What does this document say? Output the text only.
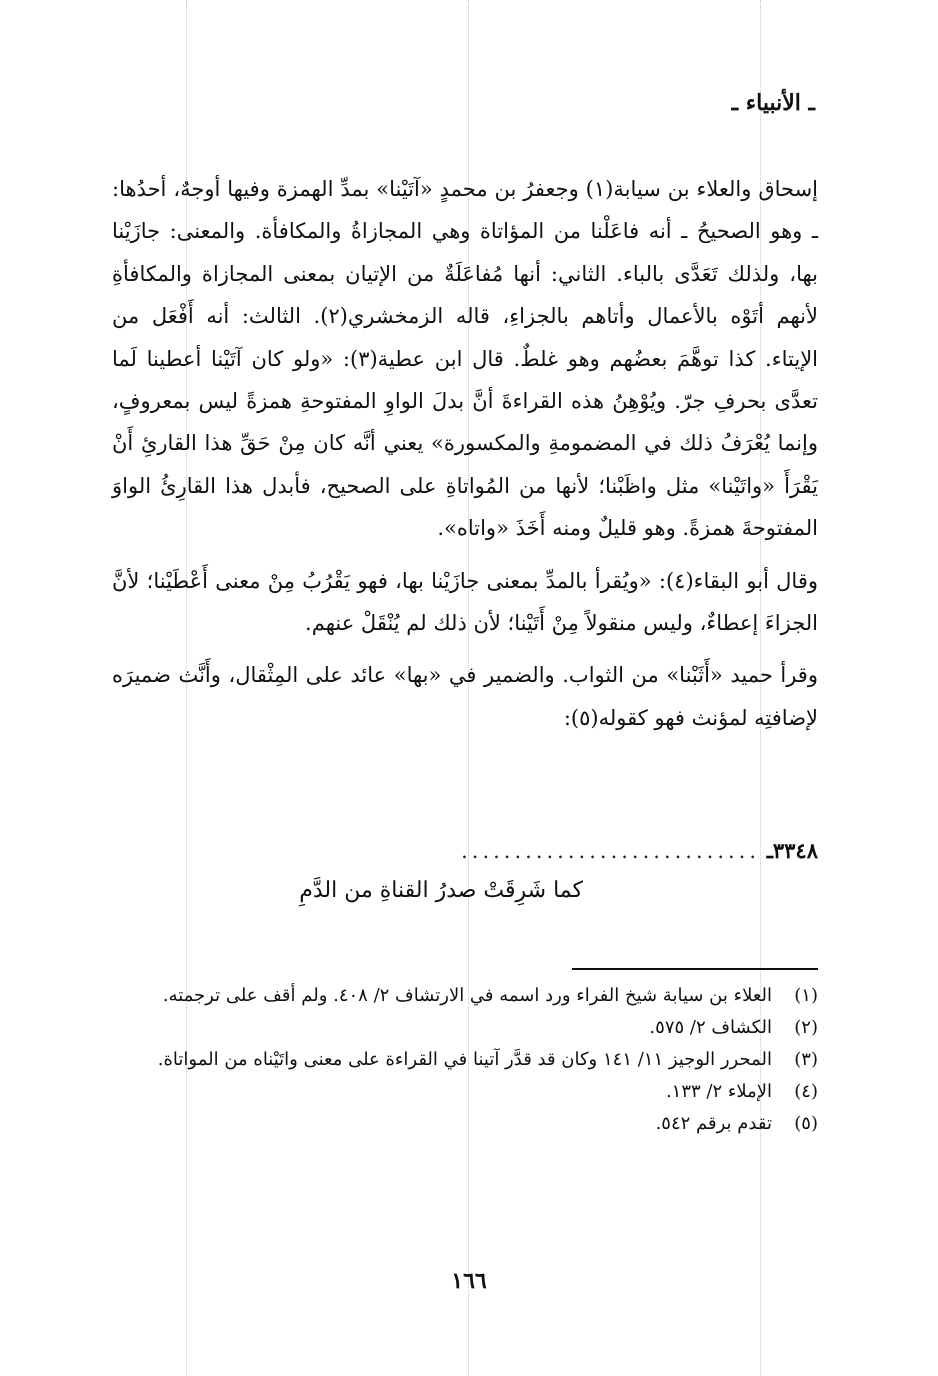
ـ الأنبياء ـ

إسحاق والعلاء بن سيابة(١) وجعفرُ بن محمدٍ «آتَيْنا» بمدِّ الهمزة وفيها أوجهٌ، أحدُها: ـ وهو الصحيحُ ـ أنه فاعَلْنا من المؤاتاة وهي المجازاةُ والمكافأة. والمعنى: جازَيْنا بها، ولذلك تَعَدَّى بالباء. الثاني: أنها مُفاعَلَةٌ من الإتيان بمعنى المجازاة والمكافأةِ لأنهم أتَوْه بالأعمال وأتاهم بالجزاءِ، قاله الزمخشري(٢). الثالث: أنه أَفْعَل من الإيتاء. كذا توهَّمَ بعضُهم وهو غلطٌ. قال ابن عطية(٣): «ولو كان آتَيْنا أعطينا لَما تعدَّى بحرفِ جرّ. ويُوْهِنُ هذه القراءةَ أنَّ بدلَ الواوِ المفتوحةِ همزةً ليس بمعروفٍ، وإنما يُعْرَفُ ذلك في المضمومةِ والمكسورة» يعني أنَّه كان مِنْ حَقِّ هذا القارئِ أَنْ يَقْرَأَ «واتَيْنا» مثل واظَبْنا؛ لأنها من المُواتاةِ على الصحيح، فأبدل هذا القارِئُ الواوَ المفتوحةَ همزةً. وهو قليلٌ ومنه أَخَذَ «واتاه».

وقال أبو البقاء(٤): «ويُقرأ بالمدِّ بمعنى جازَيْنا بها، فهو يَقْرُبُ مِنْ معنى أَعْطَيْنا؛ لأنَّ الجزاءَ إعطاءٌ، وليس منقولاً مِنْ أَتَيْنا؛ لأن ذلك لم يُنْقَلْ عنهم.

وقرأ حميد «أَثَبْنا» من الثواب. والضمير في «بها» عائد على المِثْقال، وأَنَّث ضميرَه لإضافتِه لمؤنث فهو كقوله(٥):

٣٣٤٨ـ ............................
كما شَرِقَتْ صدرُ القناةِ من الدَّمِ
(١)
العلاء بن سيابة شيخ الفراء ورد اسمه في الارتشاف ٢/ ٤٠٨. ولم أقف على ترجمته.
(٢)
الكشاف ٢/ ٥٧٥.
(٣)
المحرر الوجيز ١١/ ١٤١ وكان قد قدَّر آتينا في القراءة على معنى واتَيْناه من المواتاة.
(٤)
الإملاء ٢/ ١٣٣.
(٥)
تقدم برقم ٥٤٢.
١٦٦
